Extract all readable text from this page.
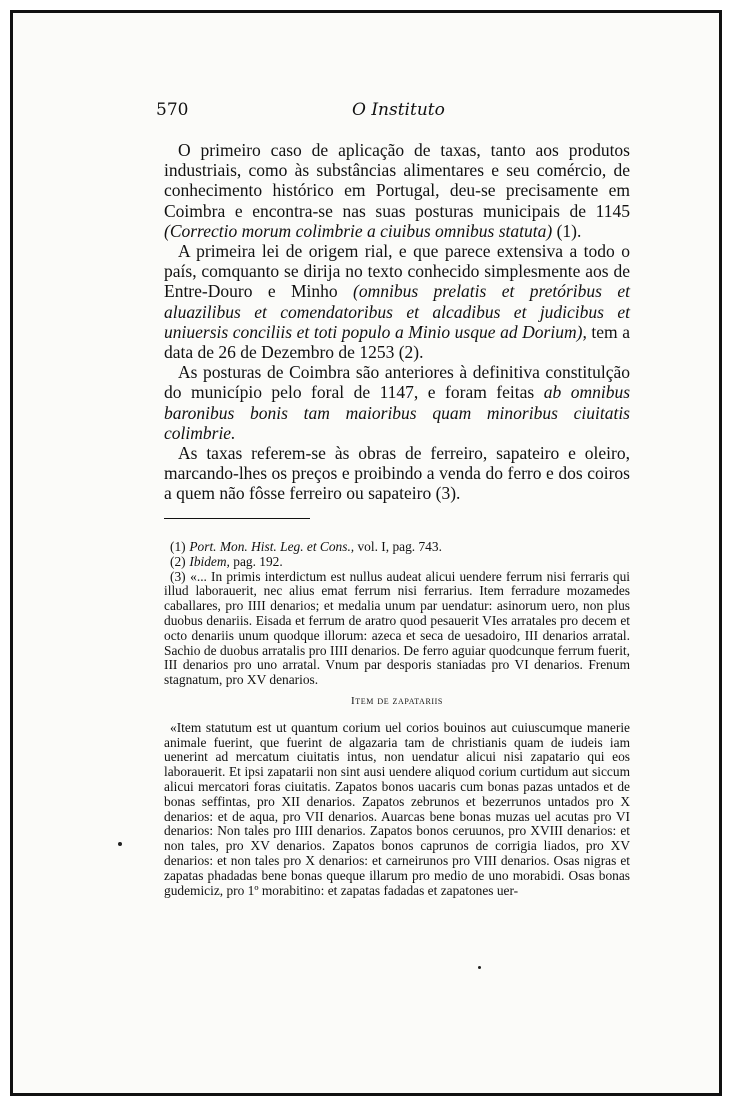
570	O Instituto

O primeiro caso de aplicação de taxas, tanto aos produtos industriais, como às substâncias alimentares e seu comércio, de conhecimento histórico em Portugal, deu-se precisamente em Coimbra e encontra-se nas suas posturas municipais de 1145 (Correctio morum colimbrie a ciuibus omnibus statuta) (1).

A primeira lei de origem rial, e que parece extensiva a todo o país, comquanto se dirija no texto conhecido simplesmente aos de Entre-Douro e Minho (omnibus prelatis et pretóribus et aluazilibus et comendatoribus et alcadibus et judicibus et uniuersis conciliis et toti populo a Minio usque ad Dorium), tem a data de 26 de Dezembro de 1253 (2).

As posturas de Coimbra são anteriores à definitiva constitulção do município pelo foral de 1147, e foram feitas ab omnibus baronibus bonis tam maioribus quam minoribus ciuitatis colimbrie.

As taxas referem-se às obras de ferreiro, sapateiro e oleiro, marcando-lhes os preços e proibindo a venda do ferro e dos coiros a quem não fôsse ferreiro ou sapateiro (3).

(1) Port. Mon. Hist. Leg. et Cons., vol. I, pag. 743.

(2) Ibidem, pag. 192.

(3) «... In primis interdictum est nullus audeat alicui uendere ferrum nisi ferraris qui illud laborauerit, nec alius emat ferrum nisi ferrarius. Item ferradure mozamedes caballares, pro IIII denarios; et medalia unum par uendatur: asinorum uero, non plus duobus denariis. Eisada et ferrum de aratro quod pesauerit VIes arratales pro decem et octo denariis unum quodque illorum: azeca et seca de uesadoiro, III denarios arratal. Sachio de duobus arratalis pro IIII denarios. De ferro aguiar quodcunque ferrum fuerit, III denarios pro uno arratal. Vnum par desporis staniadas pro VI denarios. Frenum stagnatum, pro XV denarios.

Item de zapatariis

«Item statutum est ut quantum corium uel corios bouinos aut cuiuscumque manerie animale fuerint, que fuerint de algazaria tam de christianis quam de iudeis iam uenerint ad mercatum ciuitatis intus, non uendatur alicui nisi zapatario qui eos laborauerit. Et ipsi zapatarii non sint ausi uendere aliquod corium curtidum aut siccum alicui mercatori foras ciuitatis. Zapatos bonos uacaris cum bonas pazas untados et de bonas seffintas, pro XII denarios. Zapatos zebrunos et bezerrunos untados pro X denarios: et de aqua, pro VII denarios. Auarcas bene bonas muzas uel acutas pro VI denarios: Non tales pro IIII denarios. Zapatos bonos ceruunos, pro XVIII denarios: et non tales, pro XV denarios. Zapatos bonos caprunos de corrigia liados, pro XV denarios: et non tales pro X denarios: et carneirunos pro VIII denarios. Osas nigras et zapatas phadadas bene bonas queque illarum pro medio de uno morabidi. Osas bonas gudemiciz, pro 1º morabitino: et zapatas fadadas et zapatones uer-
